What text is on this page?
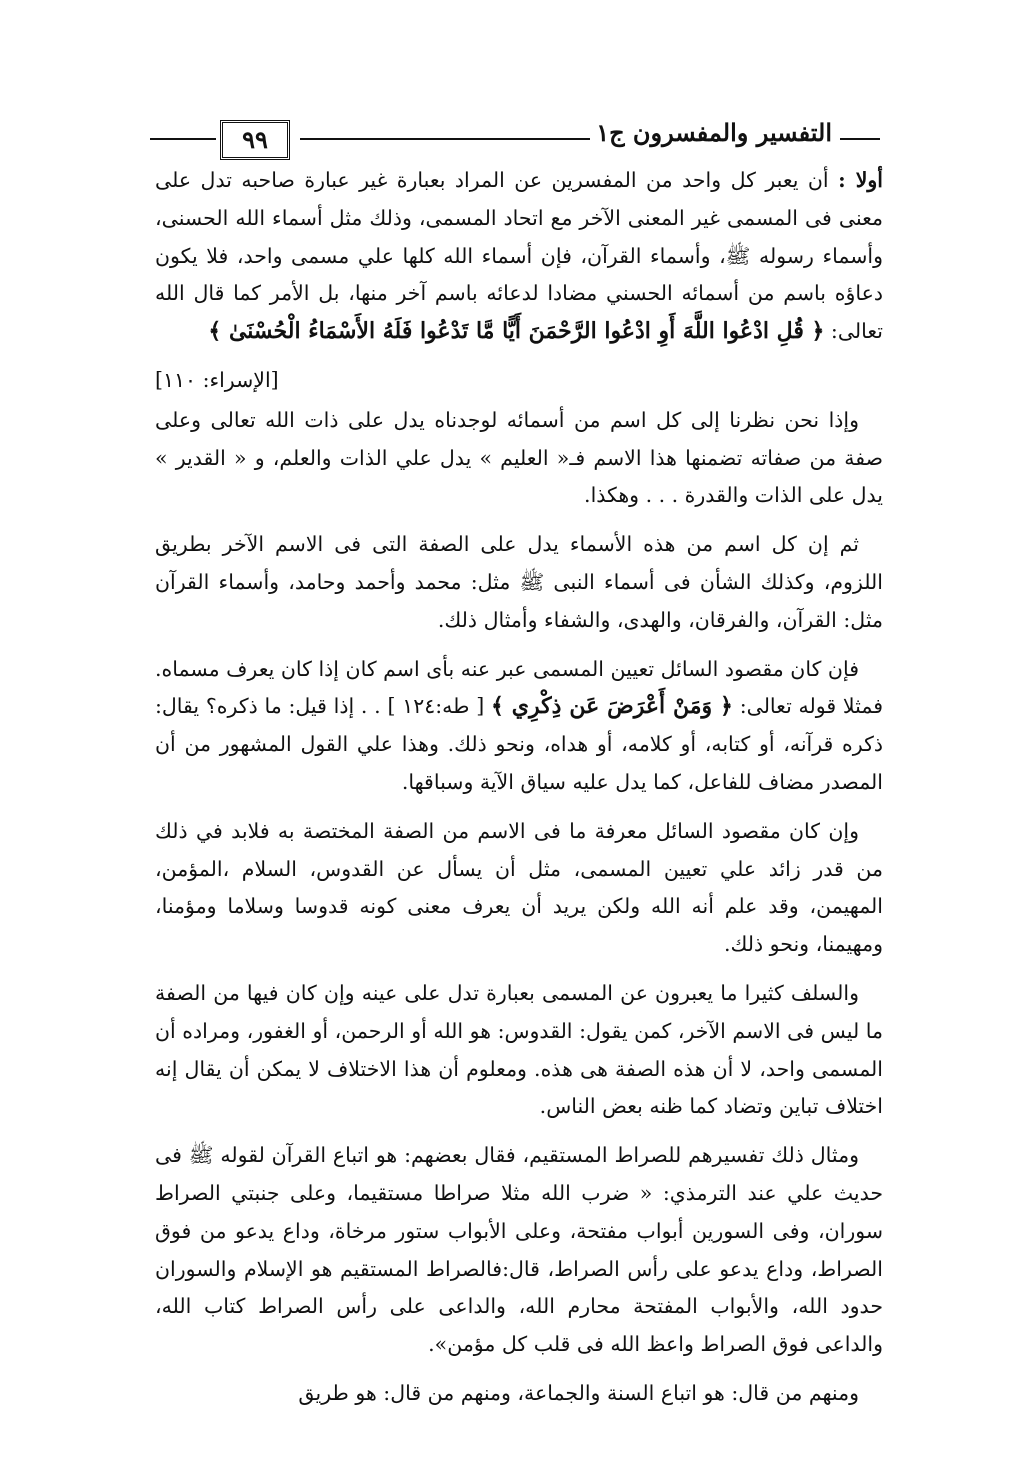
التفسير والمفسرون ج١
٩٩

أولا : أن يعبر كل واحد من المفسرين عن المراد بعبارة غير عبارة صاحبه تدل على معنى فى المسمى غير المعنى الآخر مع اتحاد المسمى، وذلك مثل أسماء الله الحسنى، وأسماء رسوله ﷺ، وأسماء القرآن، فإن أسماء الله كلها علي مسمى واحد، فلا يكون دعاؤه باسم من أسمائه الحسني مضادا لدعائه باسم آخر منها، بل الأمر كما قال الله تعالى: ﴿ قُلِ ادْعُوا اللَّهَ أَوِ ادْعُوا الرَّحْمَنَ أَيًّا مَّا تَدْعُوا فَلَهُ الأَسْمَاءُ الْحُسْنَىٰ ﴾

[الإسراء: ١١٠]

وإذا نحن نظرنا إلى كل اسم من أسمائه لوجدناه يدل على ذات الله تعالى وعلى صفة من صفاته تضمنها هذا الاسم فـ« العليم » يدل علي الذات والعلم، و « القدير » يدل على الذات والقدرة . . . وهكذا.

ثم إن كل اسم من هذه الأسماء يدل على الصفة التى فى الاسم الآخر بطريق اللزوم، وكذلك الشأن فى أسماء النبى ﷺ مثل: محمد وأحمد وحامد، وأسماء القرآن مثل: القرآن، والفرقان، والهدى، والشفاء وأمثال ذلك.

فإن كان مقصود السائل تعيين المسمى عبر عنه بأى اسم كان إذا كان يعرف مسماه. فمثلا قوله تعالى: ﴿ وَمَنْ أَعْرَضَ عَن ذِكْرِي ﴾ [ طه:١٢٤ ] . . إذا قيل: ما ذكره؟ يقال: ذكره قرآنه، أو كتابه، أو كلامه، أو هداه، ونحو ذلك. وهذا علي القول المشهور من أن المصدر مضاف للفاعل، كما يدل عليه سياق الآية وسباقها.

وإن كان مقصود السائل معرفة ما فى الاسم من الصفة المختصة به فلابد في ذلك من قدر زائد علي تعيين المسمى، مثل أن يسأل عن القدوس، السلام ،المؤمن، المهيمن، وقد علم أنه الله ولكن يريد أن يعرف معنى كونه قدوسا وسلاما ومؤمنا، ومهيمنا، ونحو ذلك.

والسلف كثيرا ما يعبرون عن المسمى بعبارة تدل على عينه وإن كان فيها من الصفة ما ليس فى الاسم الآخر، كمن يقول: القدوس: هو الله أو الرحمن، أو الغفور، ومراده أن المسمى واحد، لا أن هذه الصفة هى هذه. ومعلوم أن هذا الاختلاف لا يمكن أن يقال إنه اختلاف تباين وتضاد كما ظنه بعض الناس.

ومثال ذلك تفسيرهم للصراط المستقيم، فقال بعضهم: هو اتباع القرآن لقوله ﷺ فى حديث علي عند الترمذي: « ضرب الله مثلا صراطا مستقيما، وعلى جنبتي الصراط سوران، وفى السورين أبواب مفتحة، وعلى الأبواب ستور مرخاة، وداع يدعو من فوق الصراط، وداع يدعو على رأس الصراط، قال:فالصراط المستقيم هو الإسلام والسوران حدود الله، والأبواب المفتحة محارم الله، والداعى على رأس الصراط كتاب الله، والداعى فوق الصراط واعظ الله فى قلب كل مؤمن».

ومنهم من قال: هو اتباع السنة والجماعة، ومنهم من قال: هو طريق
